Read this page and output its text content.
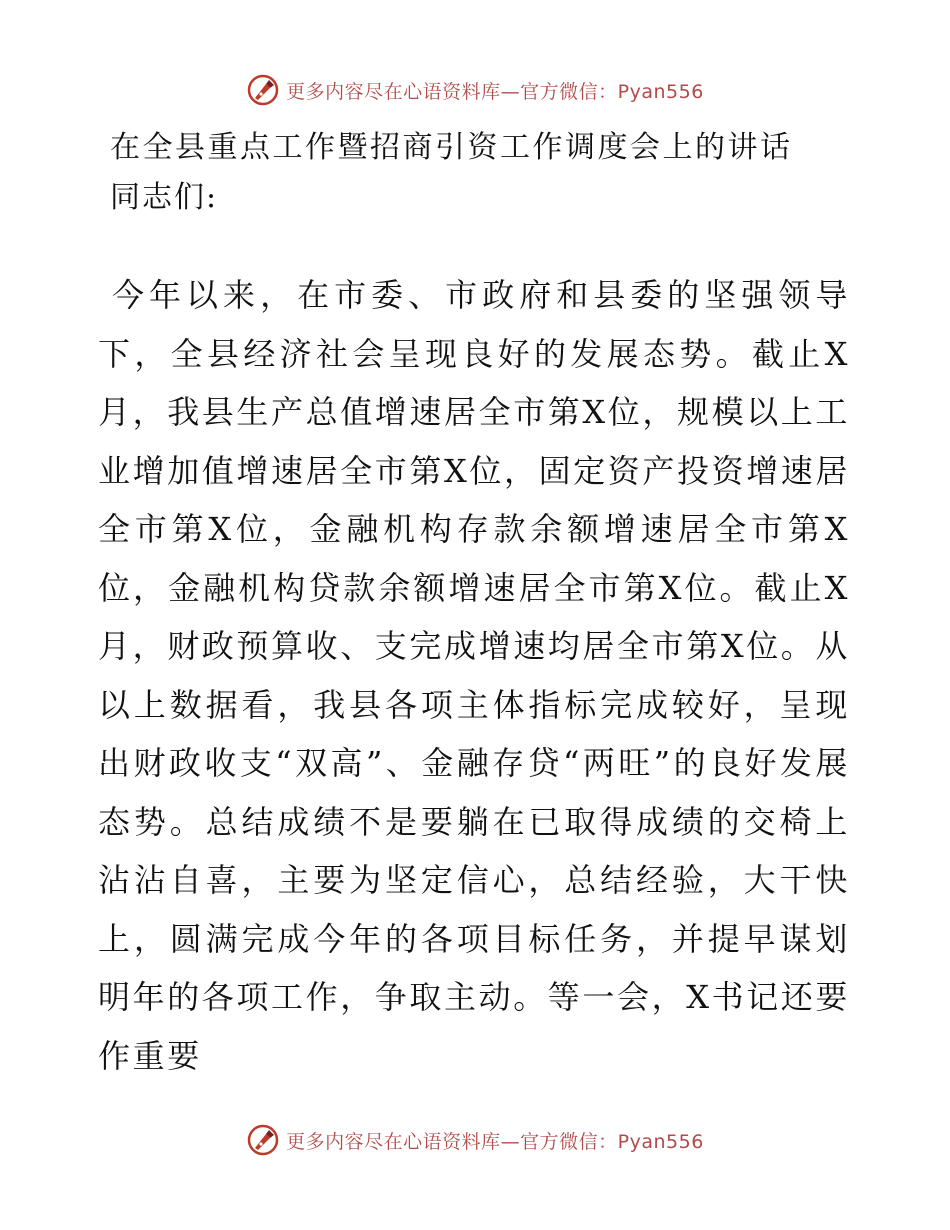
更多内容尽在心语资料库—官方微信：Pyan556
在全县重点工作暨招商引资工作调度会上的讲话

同志们:

今年以来，在市委、市政府和县委的坚强领导下，全县经济社会呈现良好的发展态势。截止X月，我县生产总值增速居全市第X位，规模以上工业增加值增速居全市第X位，固定资产投资增速居全市第X位，金融机构存款余额增速居全市第X位，金融机构贷款余额增速居全市第X位。截止X月，财政预算收、支完成增速均居全市第X位。从以上数据看，我县各项主体指标完成较好，呈现出财政收支“双高”、金融存贷“两旺”的良好发展态势。总结成绩不是要躺在已取得成绩的交椅上沾沾自喜，主要为坚定信心，总结经验，大干快上，圆满完成今年的各项目标任务，并提早谋划明年的各项工作，争取主动。等一会，X书记还要作重要

更多内容尽在心语资料库—官方微信：Pyan556
